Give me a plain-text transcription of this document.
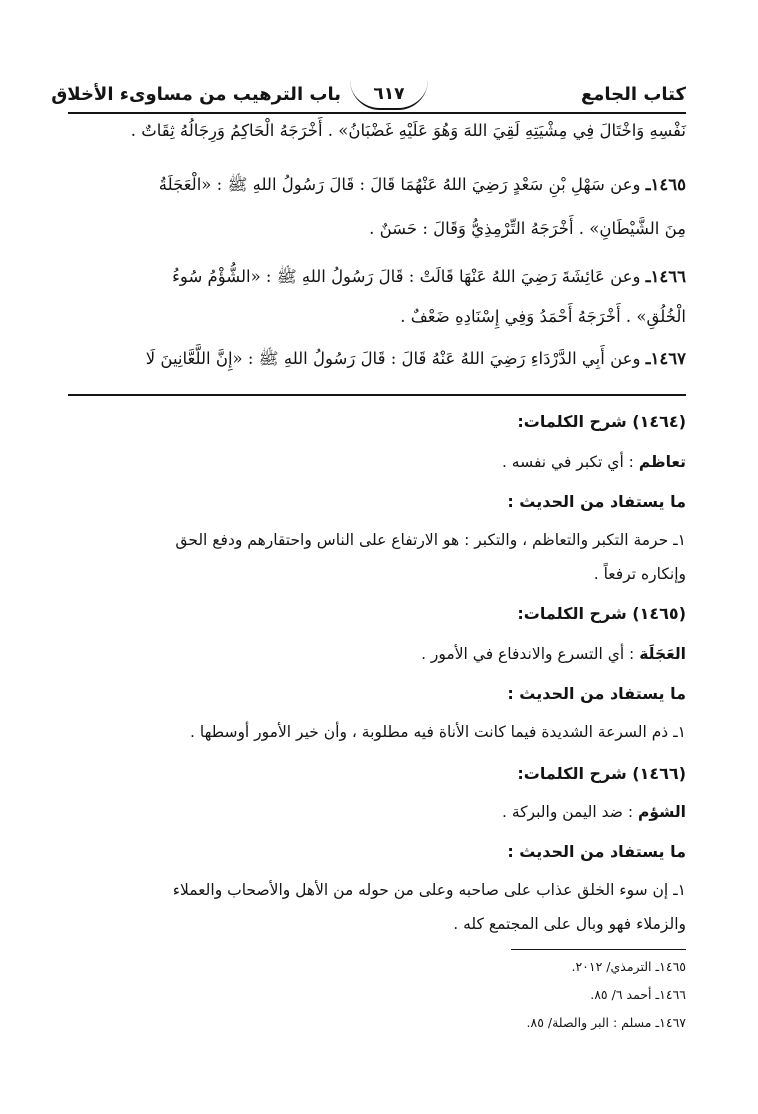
كتاب الجامع
٦١٧
باب الترهيب من مساوىء الأخلاق
نَفْسِهِ وَاخْتَالَ فِي مِشْيَتِهِ لَقِيَ اللهَ وَهُوَ عَلَيْهِ غَضْبَانُ» . أَخْرَجَهُ الْحَاكِمُ وَرِجَالُهُ ثِقَاتٌ .
١٤٦٥ـ وعن سَهْلِ بْنِ سَعْدٍ رَضِيَ اللهُ عَنْهُمَا قَالَ : قَالَ رَسُولُ اللهِ ﷺ : «الْعَجَلَةُ
مِنَ الشَّيْطَانِ» . أَخْرَجَهُ التِّرْمِذِيُّ وَقَالَ : حَسَنٌ .
١٤٦٦ـ وعن عَائِشَةَ رَضِيَ اللهُ عَنْهَا قَالَتْ : قَالَ رَسُولُ اللهِ ﷺ : «الشُّؤْمُ سُوءُ
الْخُلُقِ» . أَخْرَجَهُ أَحْمَدُ وَفِي إِسْنَادِهِ ضَعْفٌ .
١٤٦٧ـ وعن أَبِي الدَّرْدَاءِ رَضِيَ اللهُ عَنْهُ قَالَ : قَالَ رَسُولُ اللهِ ﷺ : «إِنَّ اللَّعَّانِينَ لَا
(١٤٦٤) شرح الكلمات:
تعاظم : أي تكبر في نفسه .
ما يستفاد من الحديث :
١ـ حرمة التكبر والتعاظم ، والتكبر : هو الارتفاع على الناس واحتقارهم ودفع الحق
وإنكاره ترفعاً .
(١٤٦٥) شرح الكلمات:
العَجَلَة : أي التسرع والاندفاع في الأمور .
ما يستفاد من الحديث :
١ـ ذم السرعة الشديدة فيما كانت الأناة فيه مطلوبة ، وأن خير الأمور أوسطها .
(١٤٦٦) شرح الكلمات:
الشؤم : ضد اليمن والبركة .
ما يستفاد من الحديث :
١ـ إن سوء الخلق عذاب على صاحبه وعلى من حوله من الأهل والأصحاب والعملاء
والزملاء فهو وبال على المجتمع كله .
١٤٦٥ـ الترمذي/ ٢٠١٢.
١٤٦٦ـ أحمد ٦/ ٨٥.
١٤٦٧ـ مسلم : البر والصلة/ ٨٥.
